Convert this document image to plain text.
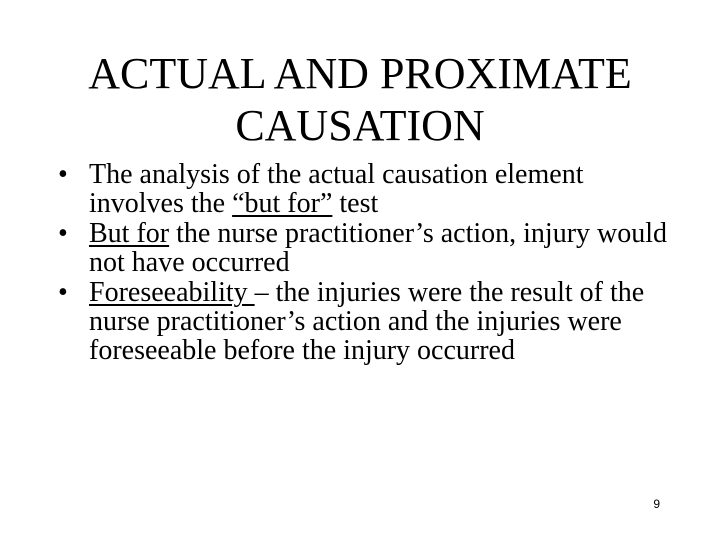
ACTUAL AND PROXIMATE
CAUSATION
• The analysis of the actual causation element involves the “but for” test
• But for the nurse practitioner’s action, injury would not have occurred
• Foreseeability – the injuries were the result of the nurse practitioner’s action and the injuries were foreseeable before the injury occurred
9
